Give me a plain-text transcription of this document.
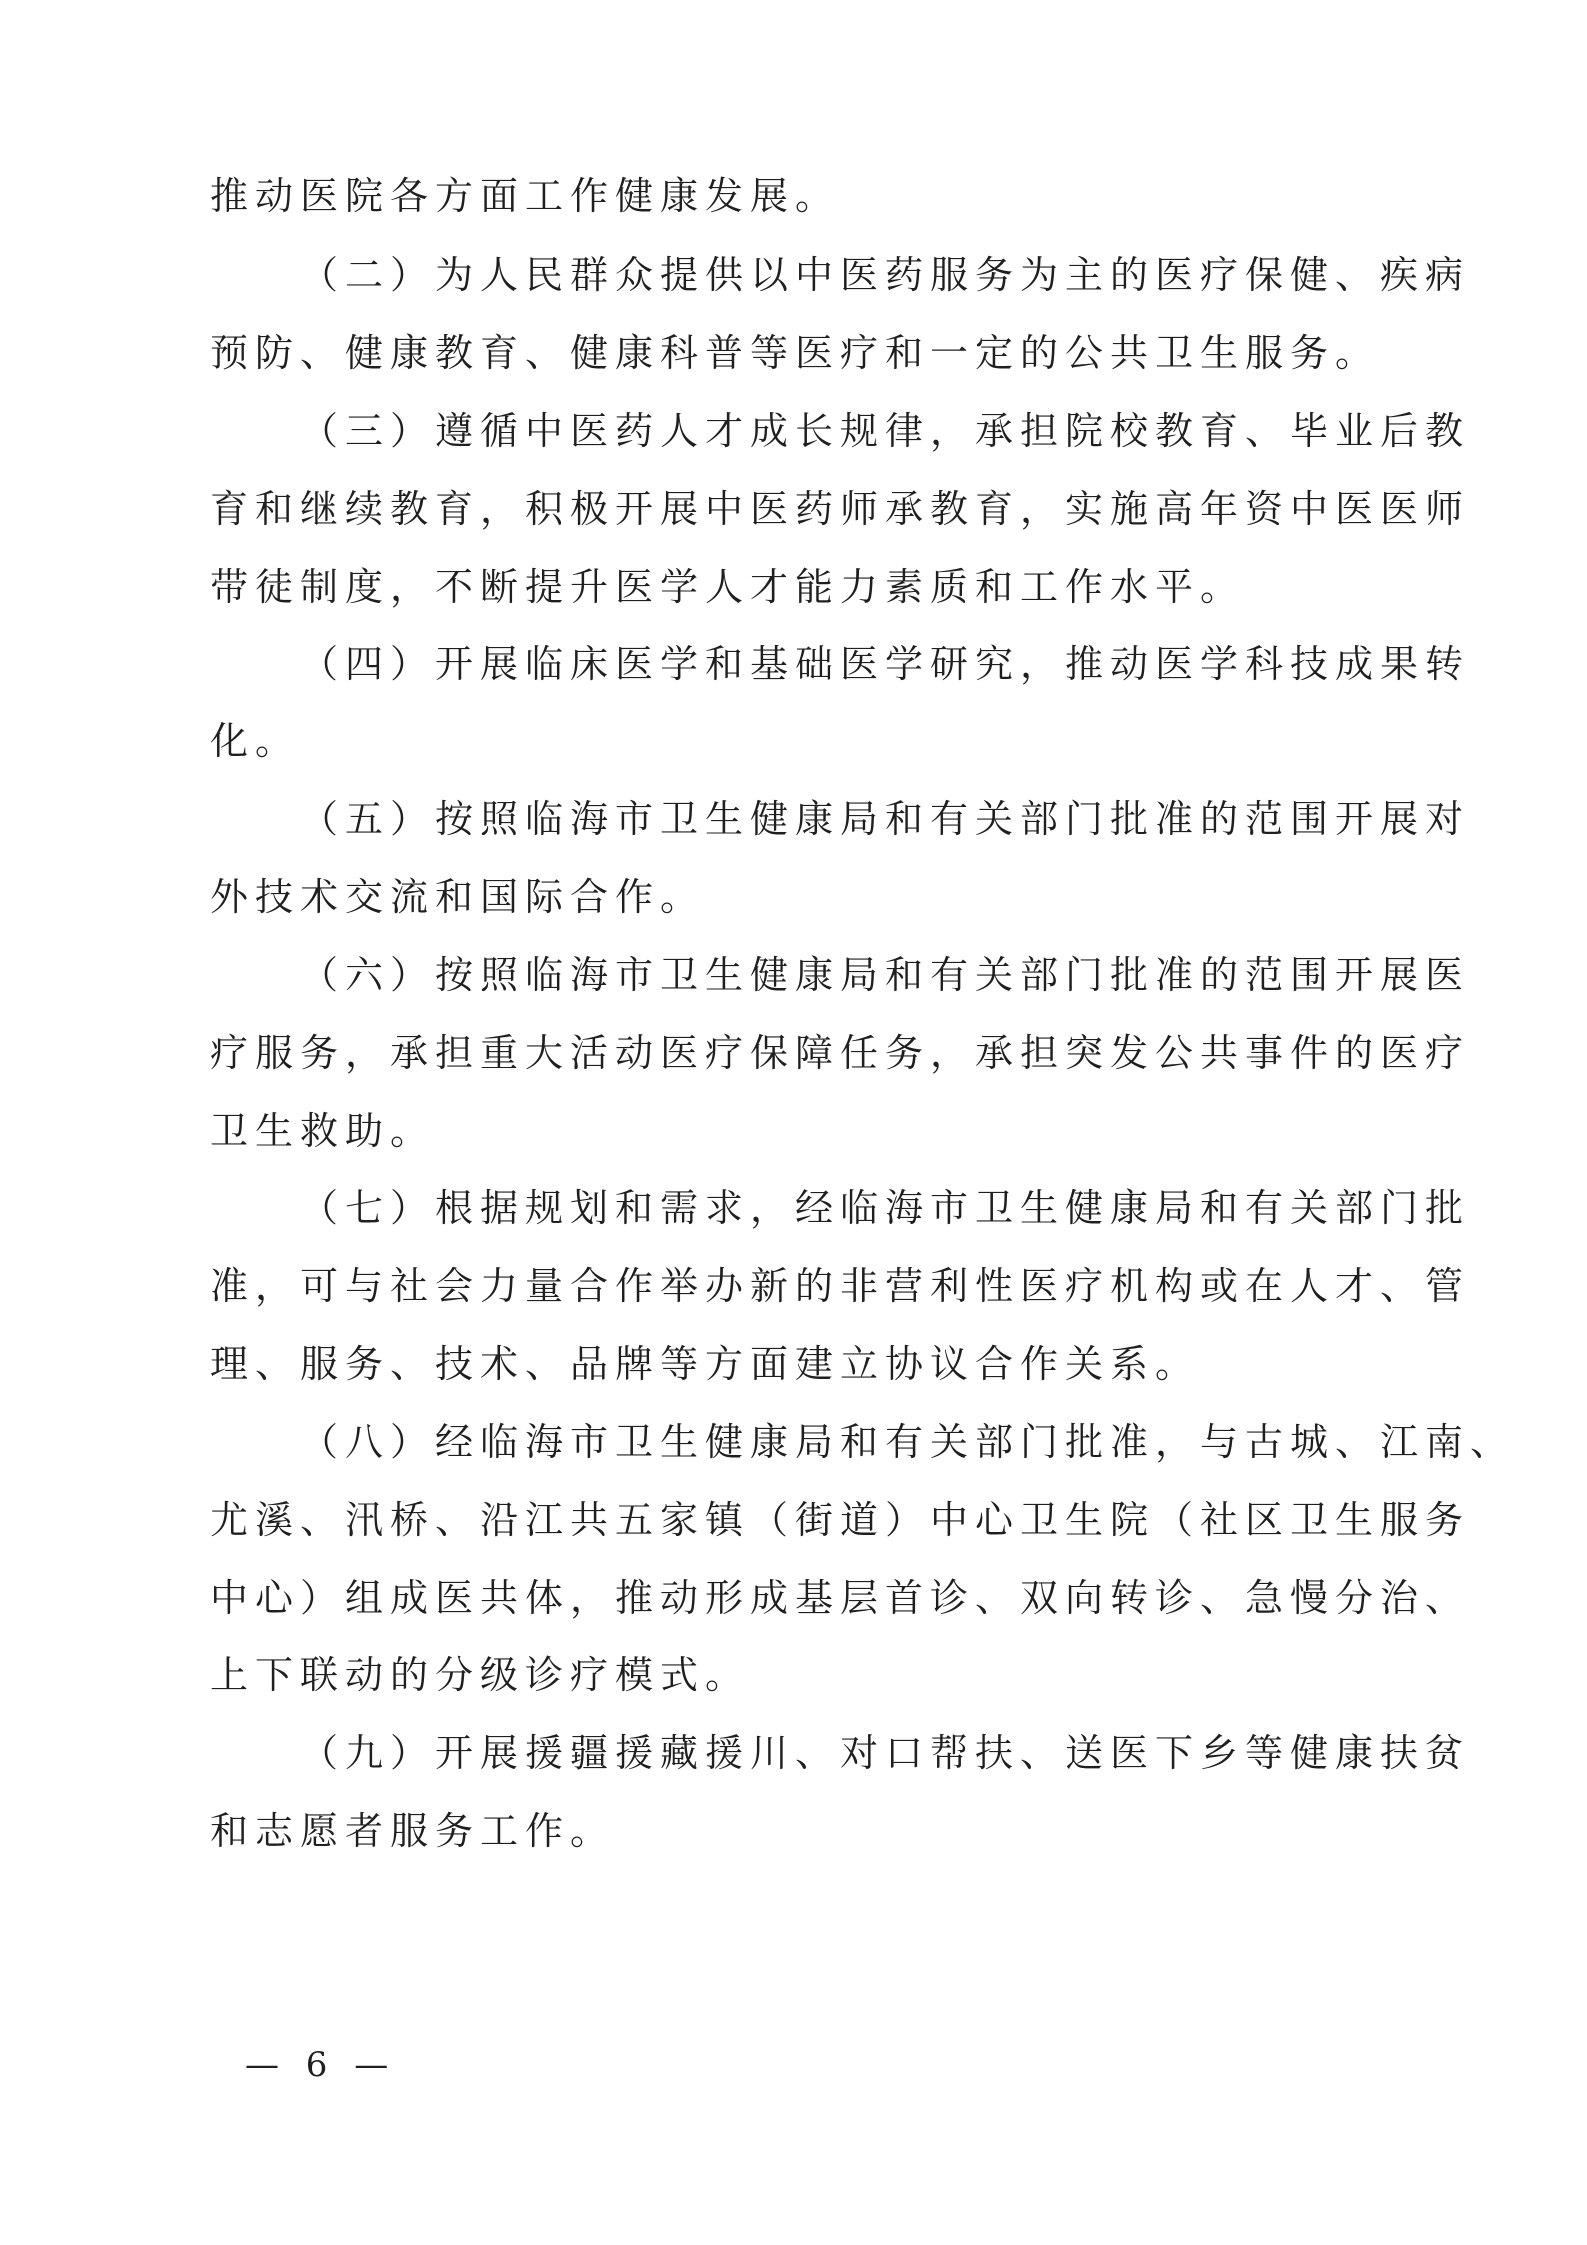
推动医院各方面工作健康发展。

（二）为人民群众提供以中医药服务为主的医疗保健、疾病

预防、健康教育、健康科普等医疗和一定的公共卫生服务。

（三）遵循中医药人才成长规律，承担院校教育、毕业后教

育和继续教育，积极开展中医药师承教育，实施高年资中医医师

带徒制度，不断提升医学人才能力素质和工作水平。

（四）开展临床医学和基础医学研究，推动医学科技成果转

化。

（五）按照临海市卫生健康局和有关部门批准的范围开展对

外技术交流和国际合作。

（六）按照临海市卫生健康局和有关部门批准的范围开展医

疗服务，承担重大活动医疗保障任务，承担突发公共事件的医疗

卫生救助。

（七）根据规划和需求，经临海市卫生健康局和有关部门批

准，可与社会力量合作举办新的非营利性医疗机构或在人才、管

理、服务、技术、品牌等方面建立协议合作关系。

（八）经临海市卫生健康局和有关部门批准，与古城、江南、

尤溪、汛桥、沿江共五家镇（街道）中心卫生院（社区卫生服务

中心）组成医共体，推动形成基层首诊、双向转诊、急慢分治、

上下联动的分级诊疗模式。

（九）开展援疆援藏援川、对口帮扶、送医下乡等健康扶贫

和志愿者服务工作。

— 6 —
